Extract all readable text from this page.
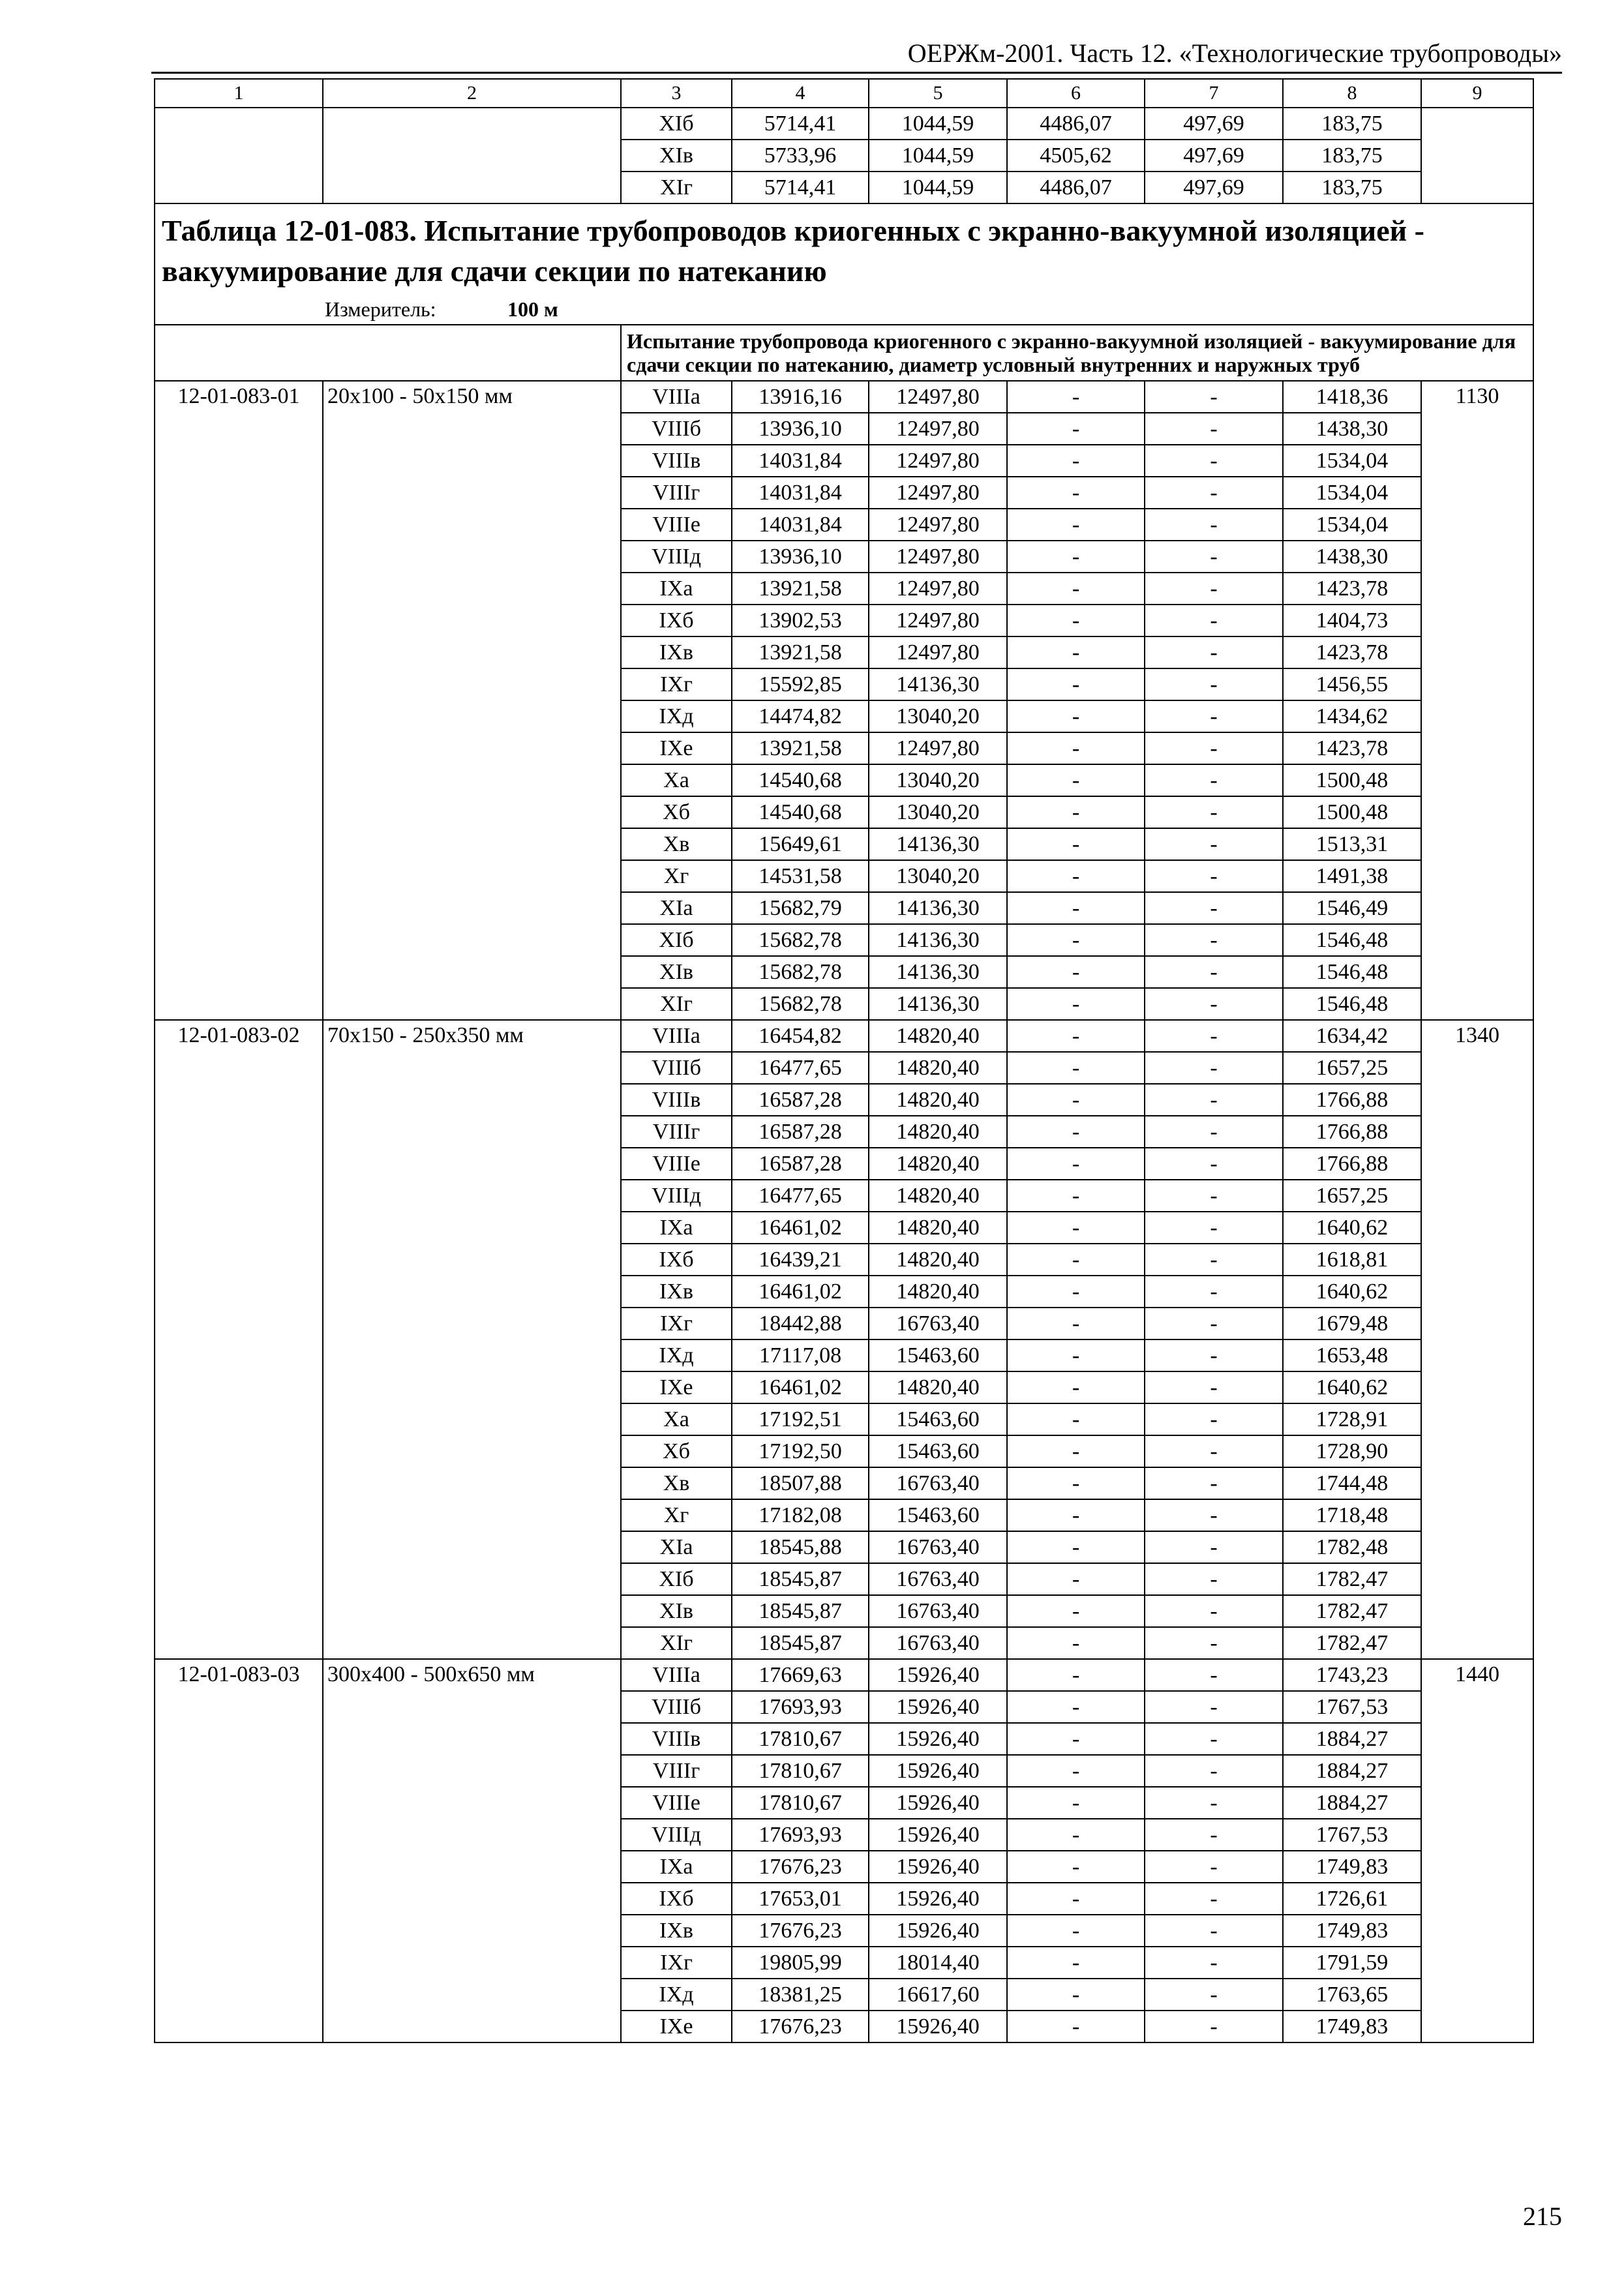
ОЕРЖм-2001. Часть 12. «Технологические трубопроводы»
1	2	3	4	5	6	7	8	9
		XIб	5714,41	1044,59	4486,07	497,69	183,75	
		XIв	5733,96	1044,59	4505,62	497,69	183,75	
		XIг	5714,41	1044,59	4486,07	497,69	183,75	

Таблица 12-01-083. Испытание трубопроводов криогенных с экранно-вакуумной изоляцией - вакуумирование для сдачи секции по натеканию
Измеритель: 100 м								

		Испытание трубопровода криогенного с экранно-вакуумной изоляцией - вакуумирование для сдачи секции по натеканию, диаметр условный внутренних и наружных труб						
12-01-083-01	20х100 - 50х150 мм	VIIIа	13916,16	12497,80	-	-	1418,36	1130
		VIIIб	13936,10	12497,80	-	-	1438,30	
		VIIIв	14031,84	12497,80	-	-	1534,04	
		VIIIг	14031,84	12497,80	-	-	1534,04	
		VIIIе	14031,84	12497,80	-	-	1534,04	
		VIIIд	13936,10	12497,80	-	-	1438,30	
		IXа	13921,58	12497,80	-	-	1423,78	
		IXб	13902,53	12497,80	-	-	1404,73	
		IXв	13921,58	12497,80	-	-	1423,78	
		IXг	15592,85	14136,30	-	-	1456,55	
		IXд	14474,82	13040,20	-	-	1434,62	
		IXе	13921,58	12497,80	-	-	1423,78	
		Xа	14540,68	13040,20	-	-	1500,48	
		Xб	14540,68	13040,20	-	-	1500,48	
		Xв	15649,61	14136,30	-	-	1513,31	
		Xг	14531,58	13040,20	-	-	1491,38	
		XIа	15682,79	14136,30	-	-	1546,49	
		XIб	15682,78	14136,30	-	-	1546,48	
		XIв	15682,78	14136,30	-	-	1546,48	
		XIг	15682,78	14136,30	-	-	1546,48	
12-01-083-02	70х150 - 250х350 мм	VIIIа	16454,82	14820,40	-	-	1634,42	1340
		VIIIб	16477,65	14820,40	-	-	1657,25	
		VIIIв	16587,28	14820,40	-	-	1766,88	
		VIIIг	16587,28	14820,40	-	-	1766,88	
		VIIIе	16587,28	14820,40	-	-	1766,88	
		VIIIд	16477,65	14820,40	-	-	1657,25	
		IXа	16461,02	14820,40	-	-	1640,62	
		IXб	16439,21	14820,40	-	-	1618,81	
		IXв	16461,02	14820,40	-	-	1640,62	
		IXг	18442,88	16763,40	-	-	1679,48	
		IXд	17117,08	15463,60	-	-	1653,48	
		IXе	16461,02	14820,40	-	-	1640,62	
		Xа	17192,51	15463,60	-	-	1728,91	
		Xб	17192,50	15463,60	-	-	1728,90	
		Xв	18507,88	16763,40	-	-	1744,48	
		Xг	17182,08	15463,60	-	-	1718,48	
		XIа	18545,88	16763,40	-	-	1782,48	
		XIб	18545,87	16763,40	-	-	1782,47	
		XIв	18545,87	16763,40	-	-	1782,47	
		XIг	18545,87	16763,40	-	-	1782,47	
12-01-083-03	300х400 - 500х650 мм	VIIIа	17669,63	15926,40	-	-	1743,23	1440
		VIIIб	17693,93	15926,40	-	-	1767,53	
		VIIIв	17810,67	15926,40	-	-	1884,27	
		VIIIг	17810,67	15926,40	-	-	1884,27	
		VIIIе	17810,67	15926,40	-	-	1884,27	
		VIIIд	17693,93	15926,40	-	-	1767,53	
		IXа	17676,23	15926,40	-	-	1749,83	
		IXб	17653,01	15926,40	-	-	1726,61	
		IXв	17676,23	15926,40	-	-	1749,83	
		IXг	19805,99	18014,40	-	-	1791,59	
		IXд	18381,25	16617,60	-	-	1763,65	
		IXе	17676,23	15926,40	-	-	1749,83	
215
